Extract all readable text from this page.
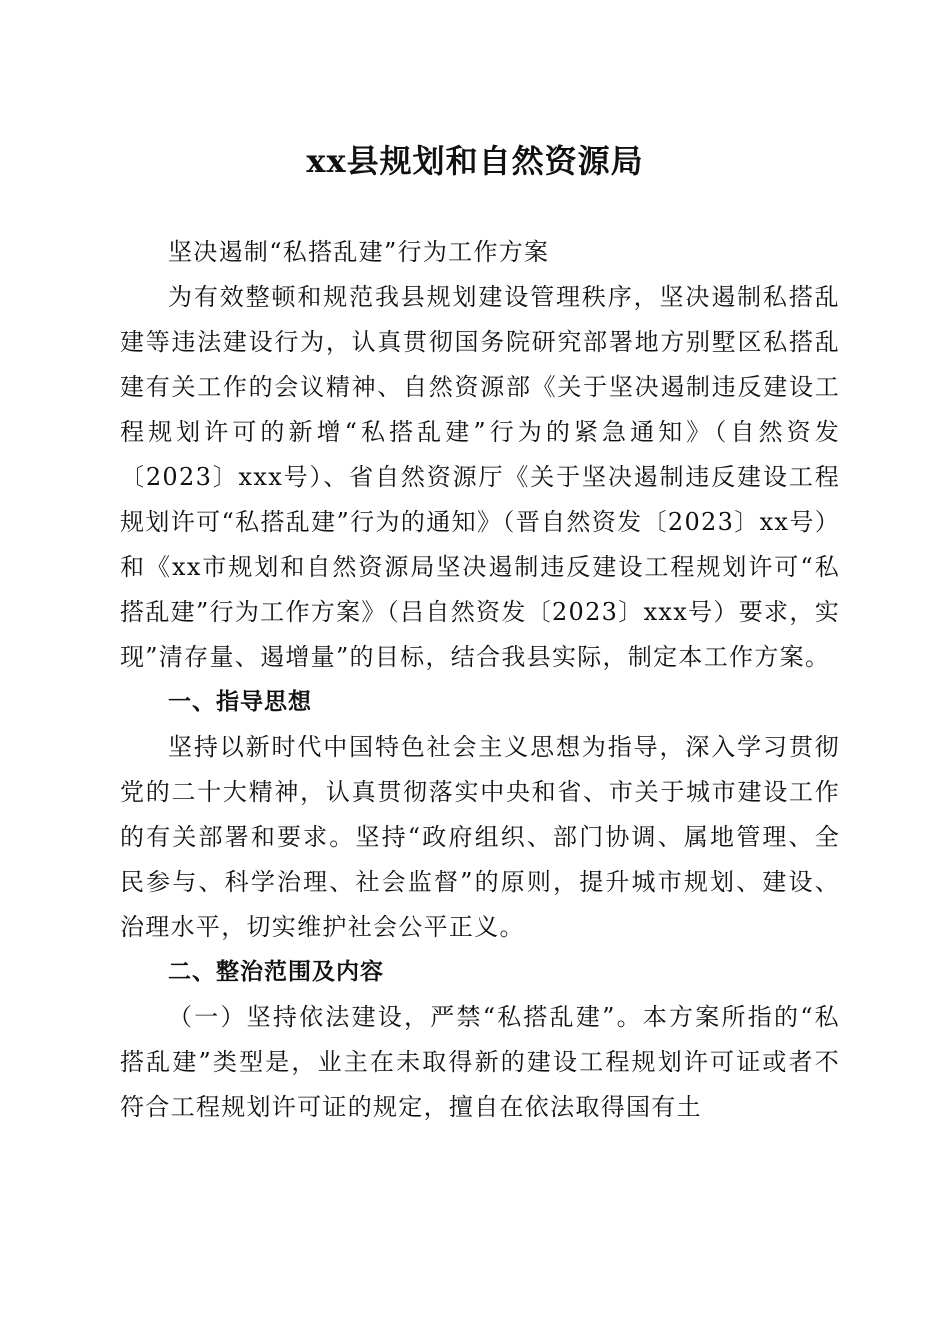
xx县规划和自然资源局

坚决遏制“私搭乱建”行为工作方案

为有效整顿和规范我县规划建设管理秩序，坚决遏制私搭乱建等违法建设行为，认真贯彻国务院研究部署地方别墅区私搭乱建有关工作的会议精神、自然资源部《关于坚决遏制违反建设工程规划许可的新增“私搭乱建”行为的紧急通知》（自然资发〔2023〕xxx号）、省自然资源厅《关于坚决遏制违反建设工程规划许可“私搭乱建”行为的通知》（晋自然资发〔2023〕xx号）和《xx市规划和自然资源局坚决遏制违反建设工程规划许可“私搭乱建”行为工作方案》（吕自然资发〔2023〕xxx号）要求，实现”清存量、遏增量”的目标，结合我县实际，制定本工作方案。

一、指导思想

坚持以新时代中国特色社会主义思想为指导，深入学习贯彻党的二十大精神，认真贯彻落实中央和省、市关于城市建设工作的有关部署和要求。坚持“政府组织、部门协调、属地管理、全民参与、科学治理、社会监督”的原则，提升城市规划、建设、治理水平，切实维护社会公平正义。

二、整治范围及内容

（一）坚持依法建设，严禁“私搭乱建”。本方案所指的“私搭乱建”类型是，业主在未取得新的建设工程规划许可证或者不符合工程规划许可证的规定，擅自在依法取得国有土
